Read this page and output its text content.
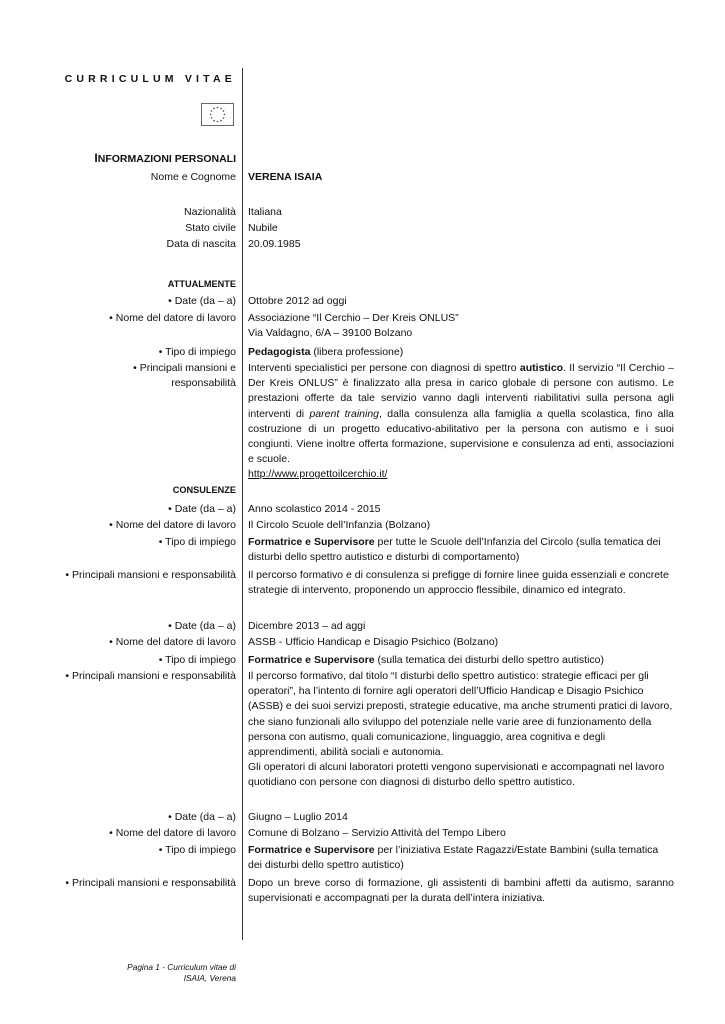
CURRICULUM VITAE
INFORMAZIONI PERSONALI
Nome e Cognome VERENA ISAIA
Nazionalità Italiana
Stato civile Nubile
Data di nascita 20.09.1985
ATTUALMENTE
• Date (da – a) Ottobre 2012 ad oggi
• Nome del datore di lavoro Associazione “Il Cerchio – Der Kreis ONLUS”
Via Valdagno, 6/A – 39100 Bolzano
• Tipo di impiego Pedagogista (libera professione)
• Principali mansioni e
responsabilità
Interventi specialistici per persone con diagnosi di spettro autistico. Il servizio “Il Cerchio – Der Kreis ONLUS” è finalizzato alla presa in carico globale di persone con autismo. Le prestazioni offerte da tale servizio vanno dagli interventi riabilitativi sulla persona agli interventi di parent training, dalla consulenza alla famiglia a quella scolastica, fino alla costruzione di un progetto educativo-abilitativo per la persona con autismo e i suoi congiunti. Viene inoltre offerta formazione, supervisione e consulenza ad enti, associazioni e scuole.
http://www.progettoilcerchio.it/
CONSULENZE
• Date (da – a) Anno scolastico 2014 - 2015
• Nome del datore di lavoro Il Circolo Scuole dell’Infanzia (Bolzano)
• Tipo di impiego Formatrice e Supervisore per tutte le Scuole dell’Infanzia del Circolo (sulla tematica dei disturbi dello spettro autistico e disturbi di comportamento)
• Principali mansioni e responsabilità Il percorso formativo e di consulenza si prefigge di fornire linee guida essenziali e concrete strategie di intervento, proponendo un approccio flessibile, dinamico ed integrato.
• Date (da – a) Dicembre 2013 – ad aggi
• Nome del datore di lavoro ASSB - Ufficio Handicap e Disagio Psichico (Bolzano)
• Tipo di impiego Formatrice e Supervisore (sulla tematica dei disturbi dello spettro autistico)
• Principali mansioni e responsabilità Il percorso formativo, dal titolo “I disturbi dello spettro autistico: strategie efficaci per gli operatori”, ha l’intento di fornire agli operatori dell’Ufficio Handicap e Disagio Psichico (ASSB) e dei suoi servizi preposti, strategie educative, ma anche strumenti pratici di lavoro, che siano funzionali allo sviluppo del potenziale nelle varie aree di funzionamento della persona con autismo, quali comunicazione, linguaggio, area cognitiva e degli apprendimenti, abilità sociali e autonomia.
Gli operatori di alcuni laboratori protetti vengono supervisionati e accompagnati nel lavoro quotidiano con persone con diagnosi di disturbo dello spettro autistico.
• Date (da – a) Giugno – Luglio 2014
• Nome del datore di lavoro Comune di Bolzano – Servizio Attività del Tempo Libero
• Tipo di impiego Formatrice e Supervisore per l’iniziativa Estate Ragazzi/Estate Bambini (sulla tematica dei disturbi dello spettro autistico)
• Principali mansioni e responsabilità Dopo un breve corso di formazione, gli assistenti di bambini affetti da autismo, saranno supervisionati e accompagnati per la durata dell’intera iniziativa.
Pagina 1 - Curriculum vitae di
ISAIA, Verena
